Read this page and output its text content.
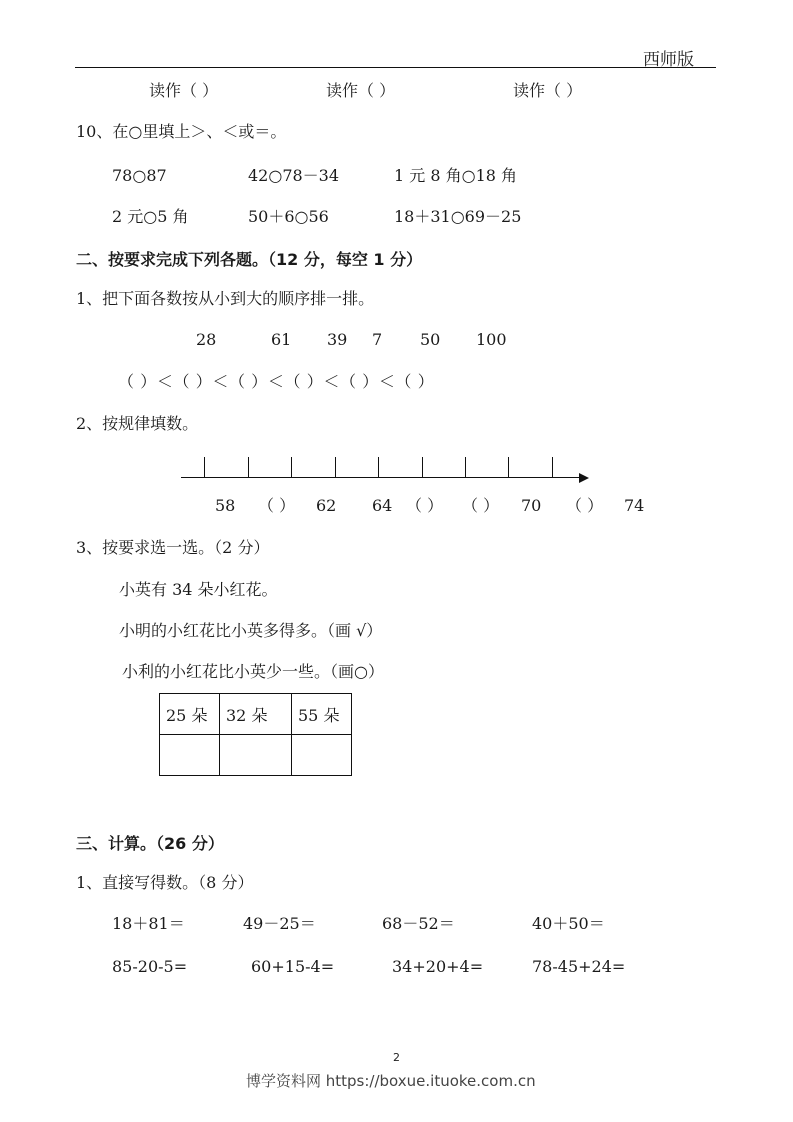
西师版
读作（ ）	读作（ ）	读作（ ）
10、在○里填上＞、＜或＝。
78○87	42○78－34	1 元 8 角○18 角
2 元○5 角	50＋6○56	18＋31○69－25
二、按要求完成下列各题。（12 分，每空 1 分）
1、把下面各数按从小到大的顺序排一排。
28	61 39 7 50 100
（ ）＜（ ）＜（ ）＜（ ）＜（ ）＜（ ）
2、按规律填数。
58 （ ） 62 64 （ ） （ ） 70 （ ） 74
3、按要求选一选。（2 分）
小英有 34 朵小红花。
小明的小红花比小英多得多。（画 √）
小利的小红花比小英少一些。（画○）
25 朵	32 朵	55 朵

三、计算。（26 分）
1、直接写得数。（8 分）
18＋81＝	49－25＝	68－52＝	40＋50＝
85-20-5=	60+15-4=	34+20+4=	78-45+24=
2
博学资料网 https://boxue.ituoke.com.cn
